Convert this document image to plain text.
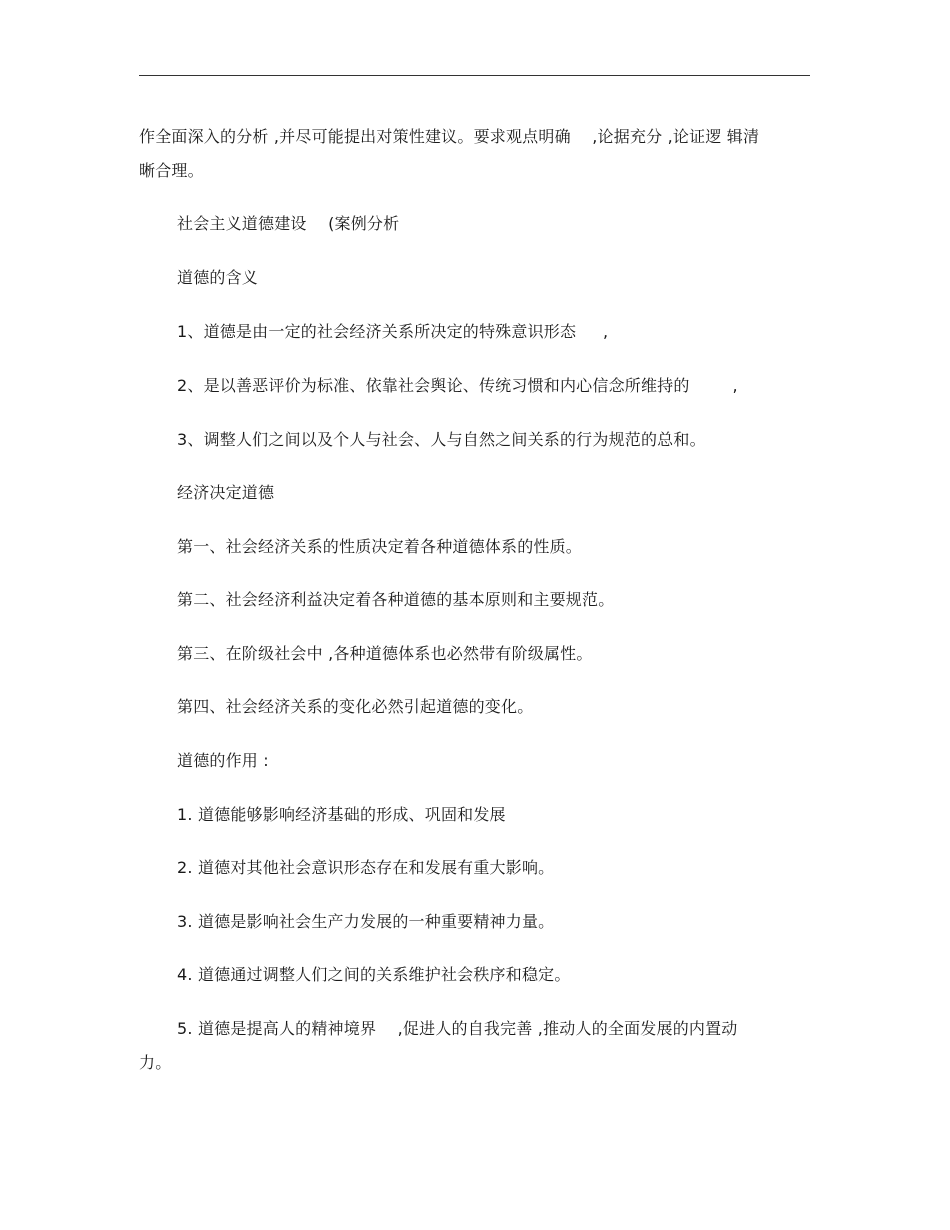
作全面深入的分析 ,并尽可能提出对策性建议。要求观点明确 　,论据充分 ,论证逻 辑清
晰合理。
社会主义道德建设 　(案例分析
道德的含义
1、道德是由一定的社会经济关系所决定的特殊意识形态 　 ,
2、是以善恶评价为标准、依靠社会舆论、传统习惯和内心信念所维持的 　 　,
3、调整人们之间以及个人与社会、人与自然之间关系的行为规范的总和。
经济决定道德
第一、社会经济关系的性质决定着各种道德体系的性质。
第二、社会经济利益决定着各种道德的基本原则和主要规范。
第三、在阶级社会中 ,各种道德体系也必然带有阶级属性。
第四、社会经济关系的变化必然引起道德的变化。
道德的作用 :
1. 道德能够影响经济基础的形成、巩固和发展
2. 道德对其他社会意识形态存在和发展有重大影响。
3. 道德是影响社会生产力发展的一种重要精神力量。
4. 道德通过调整人们之间的关系维护社会秩序和稳定。
5. 道德是提高人的精神境界 　,促进人的自我完善 ,推动人的全面发展的内置动
力。
